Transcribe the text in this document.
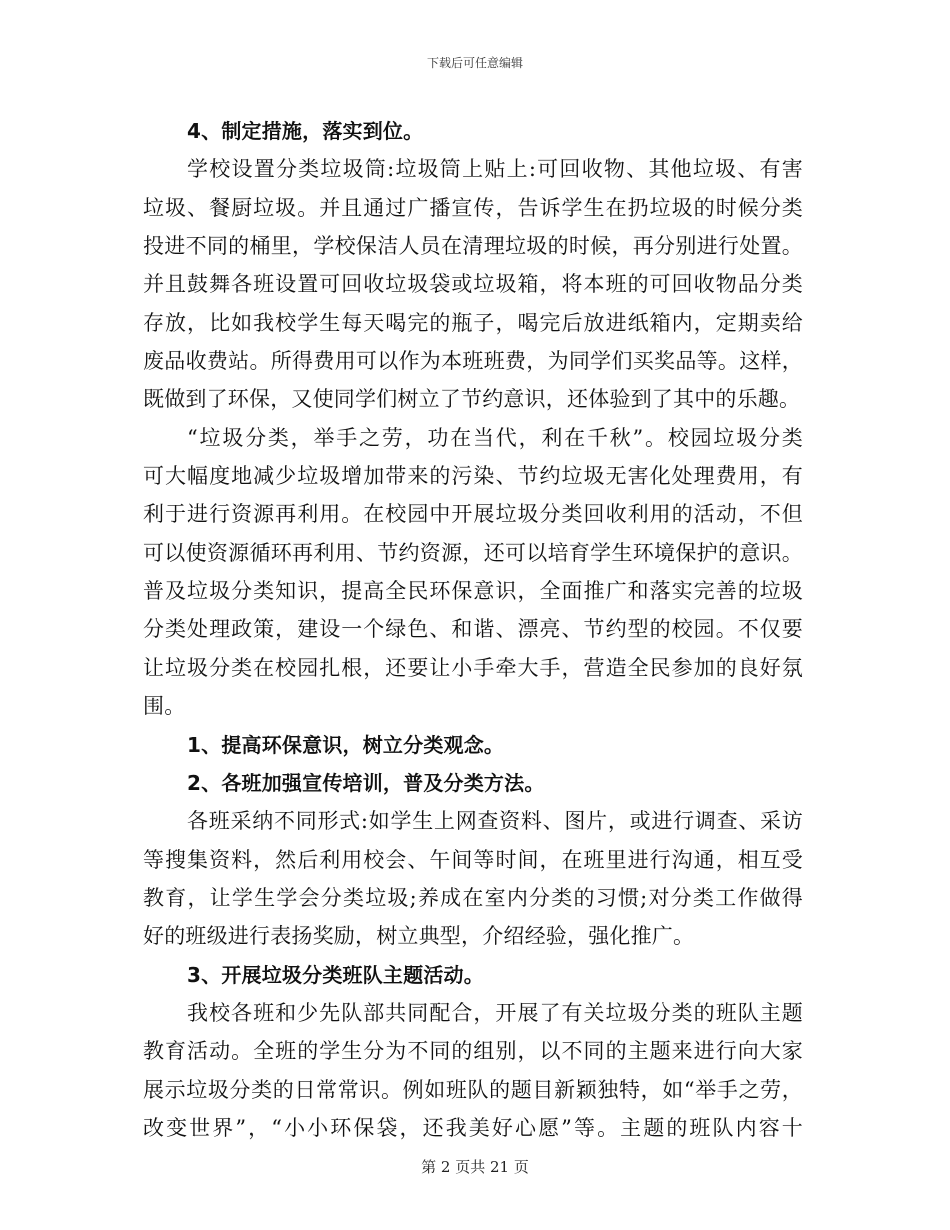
下载后可任意编辑
4、制定措施，落实到位。
学校设置分类垃圾筒:垃圾筒上贴上:可回收物、其他垃圾、有害
垃圾、餐厨垃圾。并且通过广播宣传，告诉学生在扔垃圾的时候分类
投进不同的桶里，学校保洁人员在清理垃圾的时候，再分别进行处置。
并且鼓舞各班设置可回收垃圾袋或垃圾箱，将本班的可回收物品分类
存放，比如我校学生每天喝完的瓶子，喝完后放进纸箱内，定期卖给
废品收费站。所得费用可以作为本班班费，为同学们买奖品等。这样，
既做到了环保，又使同学们树立了节约意识，还体验到了其中的乐趣。
“垃圾分类，举手之劳，功在当代，利在千秋”。校园垃圾分类
可大幅度地减少垃圾增加带来的污染、节约垃圾无害化处理费用，有
利于进行资源再利用。在校园中开展垃圾分类回收利用的活动，不但
可以使资源循环再利用、节约资源，还可以培育学生环境保护的意识。
普及垃圾分类知识，提高全民环保意识，全面推广和落实完善的垃圾
分类处理政策，建设一个绿色、和谐、漂亮、节约型的校园。不仅要
让垃圾分类在校园扎根，还要让小手牵大手，营造全民参加的良好氛
围。
1、提高环保意识，树立分类观念。
2、各班加强宣传培训，普及分类方法。
各班采纳不同形式:如学生上网查资料、图片，或进行调查、采访
等搜集资料，然后利用校会、午间等时间，在班里进行沟通，相互受
教育，让学生学会分类垃圾;养成在室内分类的习惯;对分类工作做得
好的班级进行表扬奖励，树立典型，介绍经验，强化推广。
3、开展垃圾分类班队主题活动。
我校各班和少先队部共同配合，开展了有关垃圾分类的班队主题
教育活动。全班的学生分为不同的组别，以不同的主题来进行向大家
展示垃圾分类的日常常识。例如班队的题目新颖独特，如“举手之劳，
改变世界”，“小小环保袋，还我美好心愿”等。主题的班队内容十
第 2 页共 21 页
